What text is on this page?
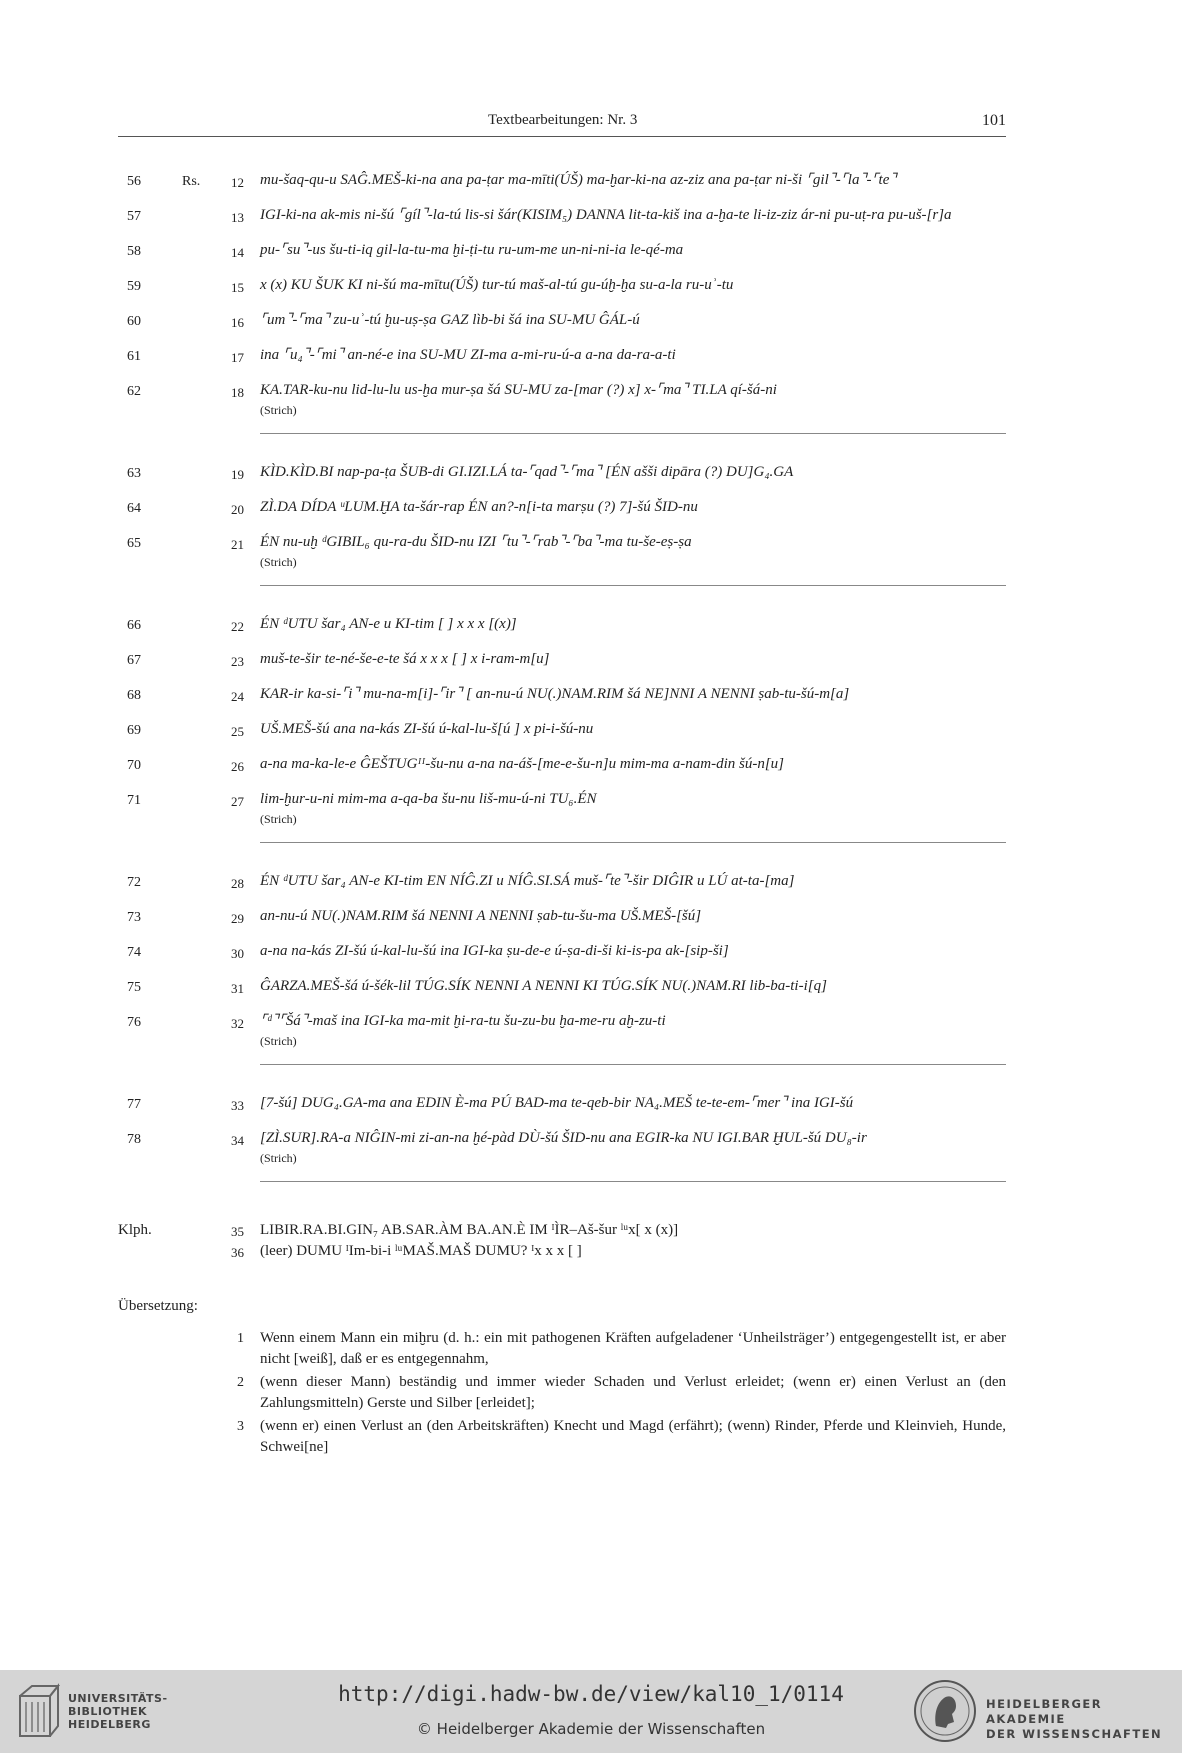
Textbearbeitungen: Nr. 3	101
56	Rs.	12 mu-šaq-qu-u SAĜ.MEŠ-ki-na ana pa-ṭar ma-mīti(ÚŠ) ma-ḫar-ki-na az-ziz ana pa-ṭar ni-ši ⌜gil⌝-⌜la⌝-⌜te⌝
57	13 IGI-ki-na ak-mis ni-šú ⌜gíl⌝-la-tú lis-si šár(KISIM₅) DANNA lit-ta-kiš ina a-ḫa-te li-iz-ziz ár-ni pu-uṭ-ra pu-uš-[r]a
58	14 pu-⌜su⌝-us šu-ti-iq gil-la-tu-ma ḫi-ṭi-tu ru-um-me un-ni-ni-ia le-qé-ma
59	15 x (x) KU ŠUK KI ni-šú ma-mītu(ÚŠ) tur-tú maš-al-tú gu-úḫ-ḫa su-a-la ru-uʾ-tu
60	16 ⌜um⌝-⌜ma⌝ zu-uʾ-tú ḫu-uṣ-ṣa GAZ lìb-bi šá ina SU-MU ĜÁL-ú
61	17 ina ⌜u₄⌝-⌜mi⌝ an-né-e ina SU-MU ZI-ma a-mi-ru-ú-a a-na da-ra-a-ti
62	18 KA.TAR-ku-nu lid-lu-lu us-ḫa mur-ṣa šá SU-MU za-[mar (?) x] x-⌜ma⌝ TI.LA qí-šá-ni
(Strich)
63	19 KÌD.KÌD.BI nap-pa-ṭa ŠUB-di GI.IZI.LÁ ta-⌜qad⌝-⌜ma⌝ [ÉN ašši dipāra (?) DU]G₄.GA
64	20 ZÌ.DA DÍDA ᵘLUM.ḪA ta-šár-rap ÉN an?-n[i-ta marṣu (?) 7]-šú ŠID-nu
65	21 ÉN nu-uḫ ᵈGIBIL₆ qu-ra-du ŠID-nu IZI ⌜tu⌝-⌜rab⌝-⌜ba⌝-ma tu-še-eṣ-ṣa
(Strich)
66	22 ÉN ᵈUTU šar₄ AN-e u KI-tim [ ] x x x [(x)]
67	23 muš-te-šir te-né-še-e-te šá x x x [ ] x i-ram-m[u]
68	24 KAR-ir ka-si-⌜i⌝ mu-na-m[i]-⌜ir⌝ [ an-nu-ú NU(.)NAM.RIM šá NE]NNI A NENNI ṣab-tu-šú-m[a]
69	25 UŠ.MEŠ-šú ana na-kás ZI-šú ú-kal-lu-š[ú ] x pi-i-šú-nu
70	26 a-na ma-ka-le-e ĜEŠTUGᴵᴵ-šu-nu a-na na-áš-[me-e-šu-n]u mim-ma a-nam-din šú-n[u]
71	27 lim-ḫur-u-ni mim-ma a-qa-ba šu-nu liš-mu-ú-ni TU₆.ÉN
(Strich)
72	28 ÉN ᵈUTU šar₄ AN-e KI-tim EN NÍĜ.ZI u NÍĜ.SI.SÁ muš-⌜te⌝-šir DIĜIR u LÚ at-ta-[ma]
73	29 an-nu-ú NU(.)NAM.RIM šá NENNI A NENNI ṣab-tu-šu-ma UŠ.MEŠ-[šú]
74	30 a-na na-kás ZI-šú ú-kal-lu-šú ina IGI-ka ṣu-de-e ú-ṣa-di-ši ki-is-pa ak-[sip-ši]
75	31 ĜARZA.MEŠ-šá ú-šék-lil TÚG.SÍK NENNI A NENNI KI TÚG.SÍK NU(.)NAM.RI lib-ba-ti-i[q]
76	32 ⌜ᵈ⌝⌜Šá⌝-maš ina IGI-ka ma-mit ḫi-ra-tu šu-zu-bu ḫa-me-ru aḫ-zu-ti
(Strich)
77	33 [7-šú] DUG₄.GA-ma ana EDIN È-ma PÚ BAD-ma te-qeb-bir NA₄.MEŠ te-te-em-⌜mer⌝ ina IGI-šú
78	34 [ZÌ.SUR].RA-a NIĜIN-mi zi-an-na ḫé-pàd DÙ-šú ŠID-nu ana EGIR-ka NU IGI.BAR ḪUL-šú DU₈-ir
(Strich)
Klph.	35 LIBIR.RA.BI.GIN₇ AB.SAR.ÀM BA.AN.È IM ᴵÌR–Aš-šur ˡᵘx[ x (x)]
36 (leer) DUMU ᴵIm-bi-i ˡᵘMAŠ.MAŠ DUMU? ᴵx x x [ ]
Übersetzung:
1 Wenn einem Mann ein miḫru (d. h.: ein mit pathogenen Kräften aufgeladener ‘Unheilsträger’) entgegengestellt ist, er aber nicht [weiß], daß er es entgegennahm,
2 (wenn dieser Mann) beständig und immer wieder Schaden und Verlust erleidet; (wenn er) einen Verlust an (den Zahlungsmitteln) Gerste und Silber [erleidet];
3 (wenn er) einen Verlust an (den Arbeitskräften) Knecht und Magd (erfährt); (wenn) Rinder, Pferde und Kleinvieh, Hunde, Schwei[ne]
UNIVERSITÄTS-
BIBLIOTHEK
HEIDELBERG
http://digi.hadw-bw.de/view/kal10_1/0114
© Heidelberger Akademie der Wissenschaften
HEIDELBERGER AKADEMIE
DER WISSENSCHAFTEN
